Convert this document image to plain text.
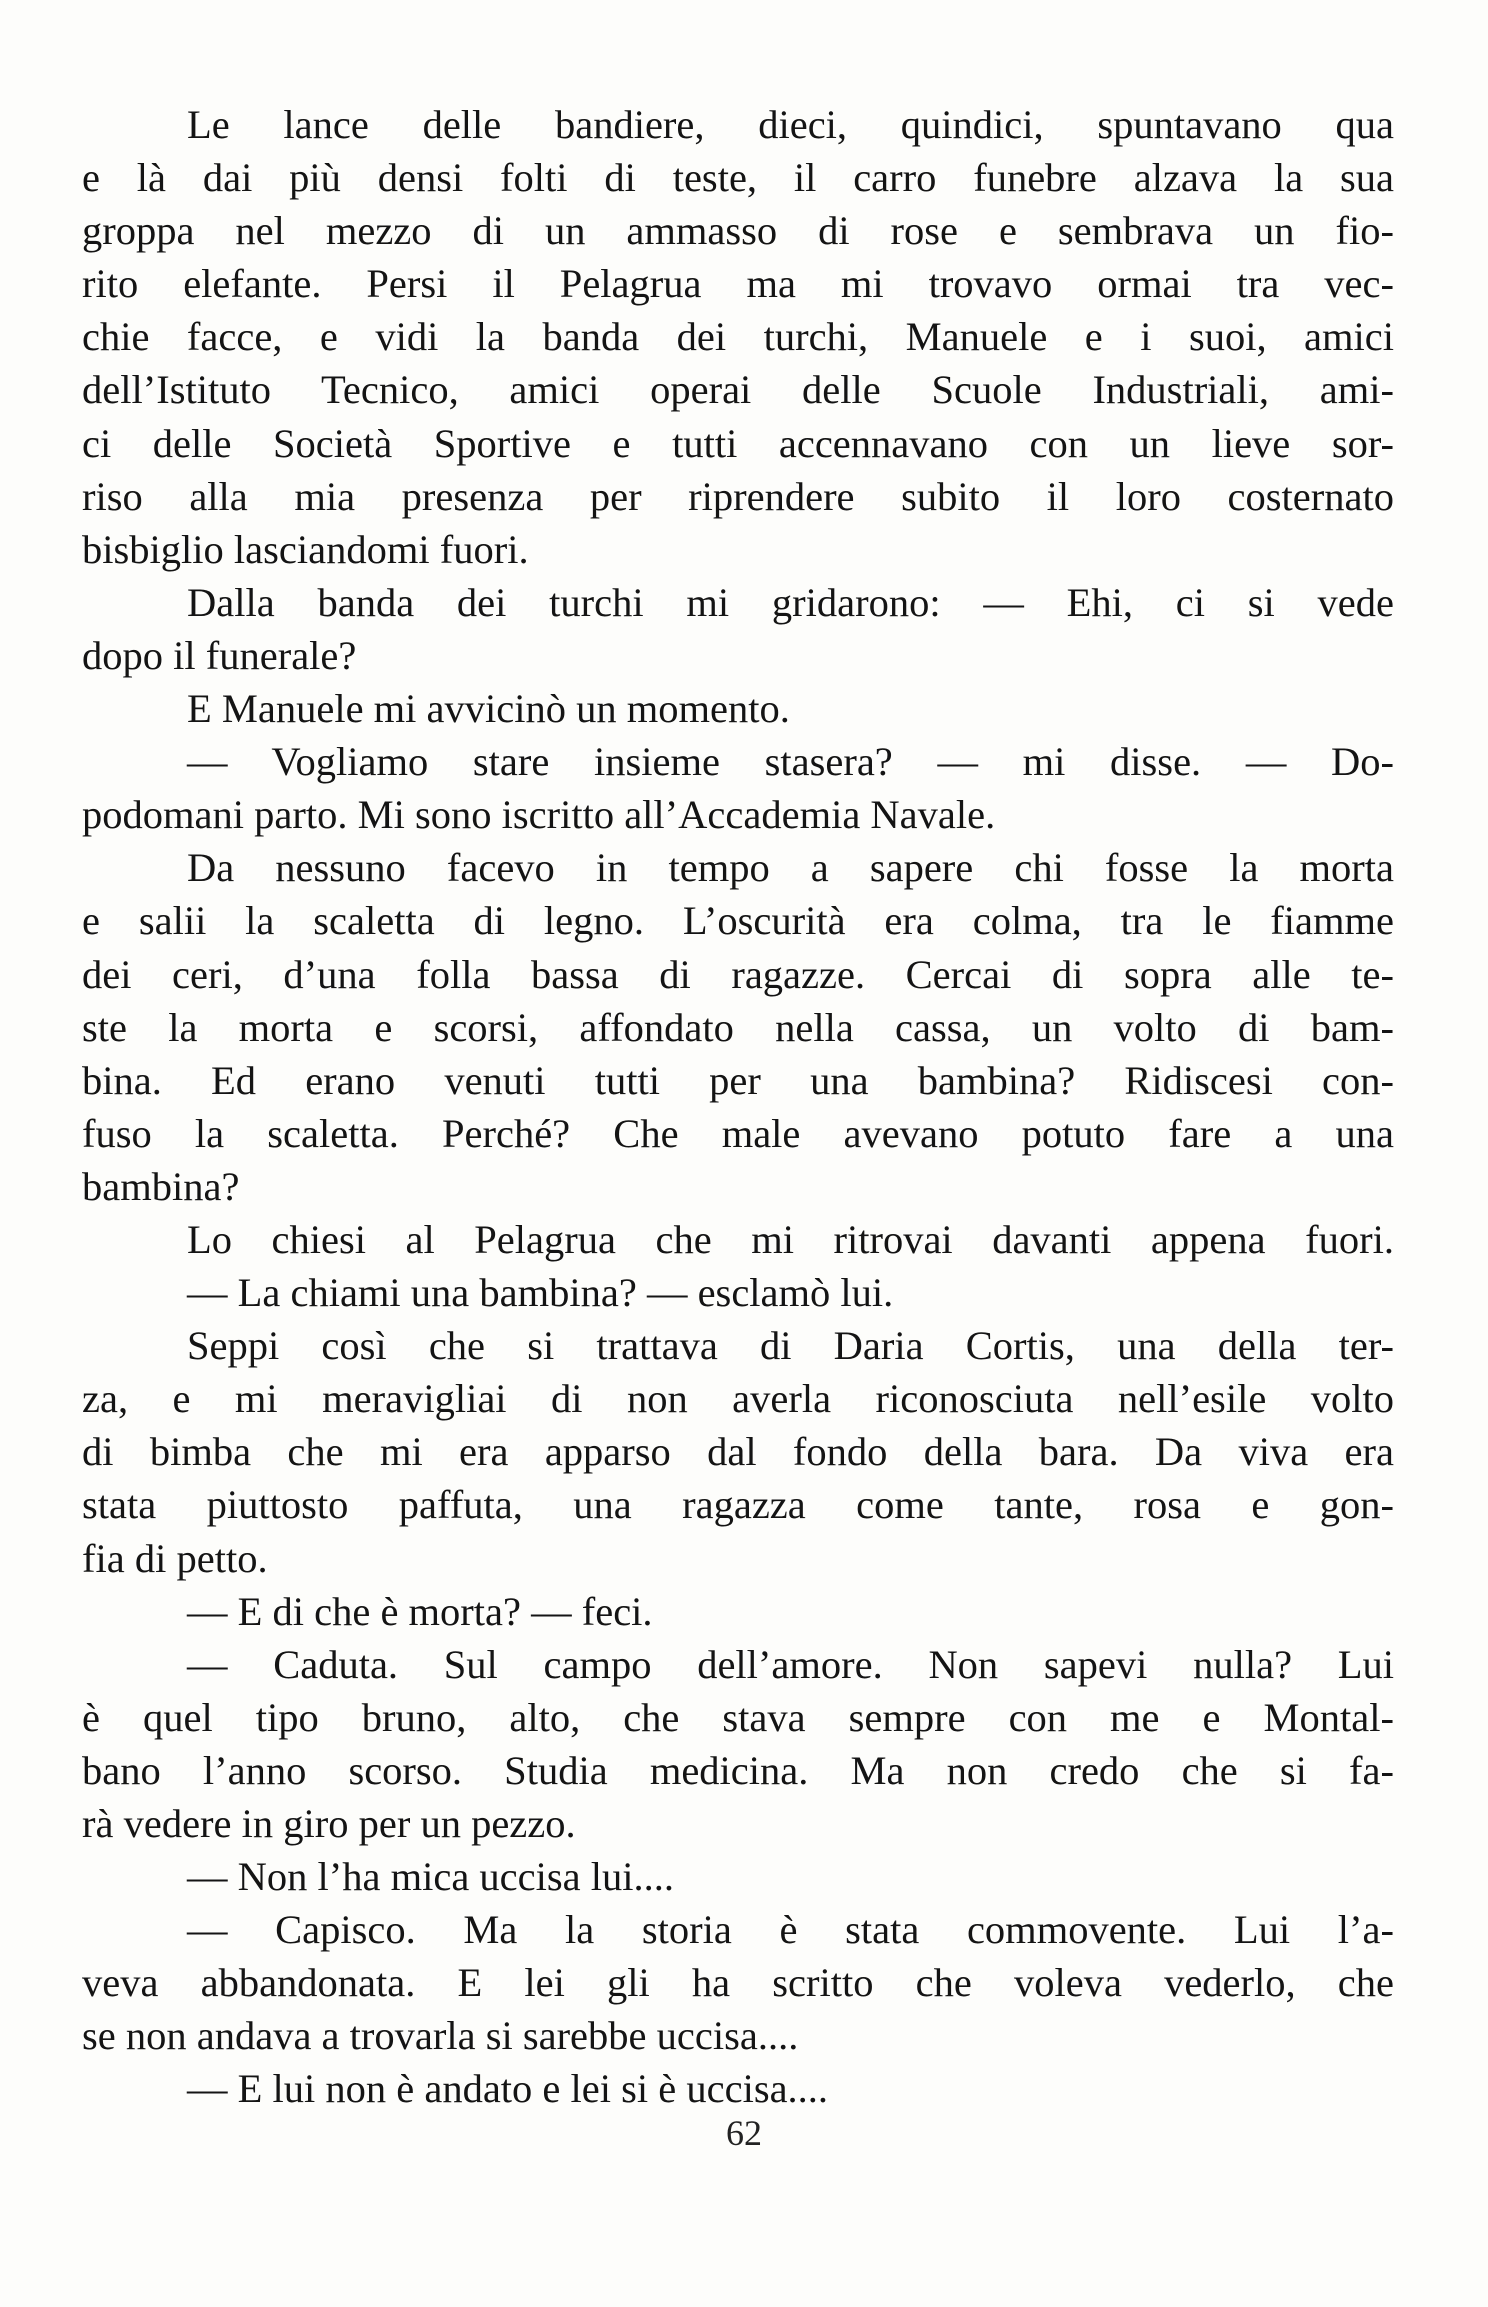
Le lance delle bandiere, dieci, quindici, spuntavano qua
e là dai più densi folti di teste, il carro funebre alzava la sua
groppa nel mezzo di un ammasso di rose e sembrava un fio-
rito elefante. Persi il Pelagrua ma mi trovavo ormai tra vec-
chie facce, e vidi la banda dei turchi, Manuele e i suoi, amici
dell’Istituto Tecnico, amici operai delle Scuole Industriali, ami-
ci delle Società Sportive e tutti accennavano con un lieve sor-
riso alla mia presenza per riprendere subito il loro costernato
bisbiglio lasciandomi fuori.
Dalla banda dei turchi mi gridarono: — Ehi, ci si vede
dopo il funerale?
E Manuele mi avvicinò un momento.
— Vogliamo stare insieme stasera? — mi disse. — Do-
podomani parto. Mi sono iscritto all’Accademia Navale.
Da nessuno facevo in tempo a sapere chi fosse la morta
e salii la scaletta di legno. L’oscurità era colma, tra le fiamme
dei ceri, d’una folla bassa di ragazze. Cercai di sopra alle te-
ste la morta e scorsi, affondato nella cassa, un volto di bam-
bina. Ed erano venuti tutti per una bambina? Ridiscesi con-
fuso la scaletta. Perché? Che male avevano potuto fare a una
bambina?
Lo chiesi al Pelagrua che mi ritrovai davanti appena fuori.
— La chiami una bambina? — esclamò lui.
Seppi così che si trattava di Daria Cortis, una della ter-
za, e mi meravigliai di non averla riconosciuta nell’esile volto
di bimba che mi era apparso dal fondo della bara. Da viva era
stata piuttosto paffuta, una ragazza come tante, rosa e gon-
fia di petto.
— E di che è morta? — feci.
— Caduta. Sul campo dell’amore. Non sapevi nulla? Lui
è quel tipo bruno, alto, che stava sempre con me e Montal-
bano l’anno scorso. Studia medicina. Ma non credo che si fa-
rà vedere in giro per un pezzo.
— Non l’ha mica uccisa lui....
— Capisco. Ma la storia è stata commovente. Lui l’a-
veva abbandonata. E lei gli ha scritto che voleva vederlo, che
se non andava a trovarla si sarebbe uccisa....
— E lui non è andato e lei si è uccisa....
62
